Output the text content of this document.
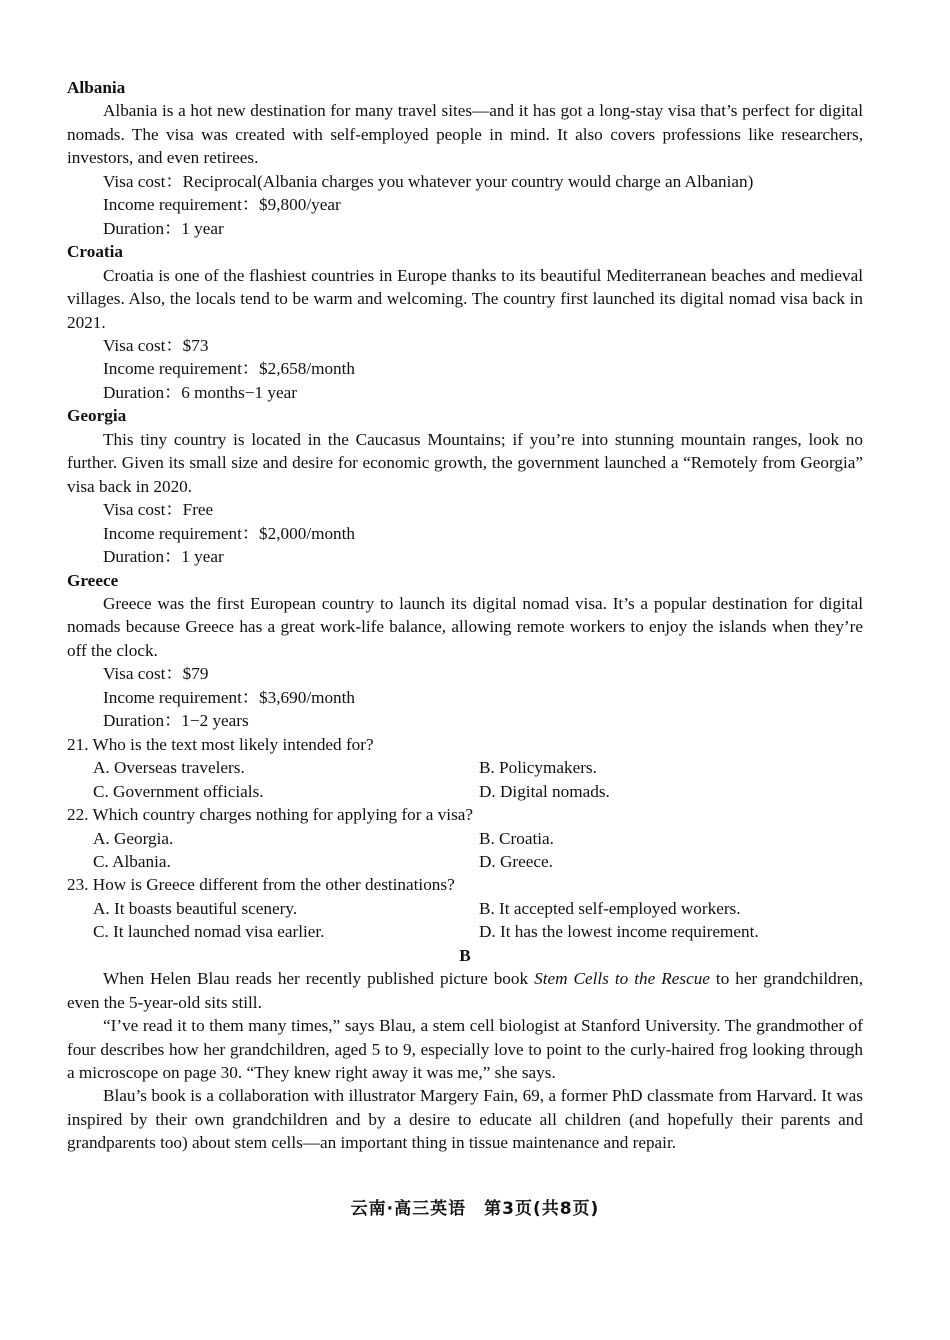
Albania
Albania is a hot new destination for many travel sites—and it has got a long-stay visa that’s perfect for digital nomads. The visa was created with self-employed people in mind. It also covers professions like researchers, investors, and even retirees.
Visa cost：Reciprocal(Albania charges you whatever your country would charge an Albanian)
Income requirement：$9,800/year
Duration：1 year
Croatia
Croatia is one of the flashiest countries in Europe thanks to its beautiful Mediterranean beaches and medieval villages. Also, the locals tend to be warm and welcoming. The country first launched its digital nomad visa back in 2021.
Visa cost：$73
Income requirement：$2,658/month
Duration：6 months−1 year
Georgia
This tiny country is located in the Caucasus Mountains; if you’re into stunning mountain ranges, look no further. Given its small size and desire for economic growth, the government launched a “Remotely from Georgia” visa back in 2020.
Visa cost：Free
Income requirement：$2,000/month
Duration：1 year
Greece
Greece was the first European country to launch its digital nomad visa. It’s a popular destination for digital nomads because Greece has a great work-life balance, allowing remote workers to enjoy the islands when they’re off the clock.
Visa cost：$79
Income requirement：$3,690/month
Duration：1−2 years
21. Who is the text most likely intended for?
A. Overseas travelers.	B. Policymakers.
C. Government officials.	D. Digital nomads.
22. Which country charges nothing for applying for a visa?
A. Georgia.	B. Croatia.
C. Albania.	D. Greece.
23. How is Greece different from the other destinations?
A. It boasts beautiful scenery.	B. It accepted self-employed workers.
C. It launched nomad visa earlier.	D. It has the lowest income requirement.
B
When Helen Blau reads her recently published picture book Stem Cells to the Rescue to her grandchildren, even the 5-year-old sits still.
“I’ve read it to them many times,” says Blau, a stem cell biologist at Stanford University. The grandmother of four describes how her grandchildren, aged 5 to 9, especially love to point to the curly-haired frog looking through a microscope on page 30. “They knew right away it was me,” she says.
Blau’s book is a collaboration with illustrator Margery Fain, 69, a former PhD classmate from Harvard. It was inspired by their own grandchildren and by a desire to educate all children (and hopefully their parents and grandparents too) about stem cells—an important thing in tissue maintenance and repair.
云南·高三英语　第3页(共8页)
